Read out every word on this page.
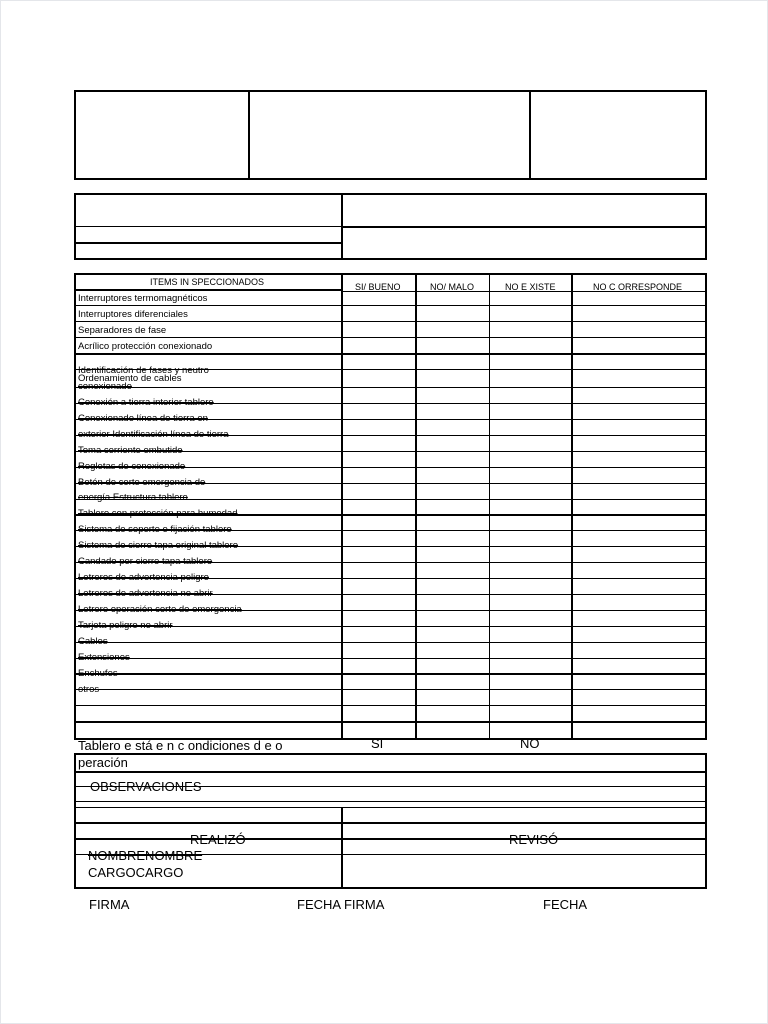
ITEMS IN SPECCIONADOS	SI/ BUENO	NO/ MALO	NO E XISTE	NO C ORRESPONDE
Interruptores termomagnéticos
Interruptores diferenciales
Separadores de fase
Acrílico protección conexionado
Identificación de fases y neutro
Ordenamiento de cables
conexionado
Conexión a tierra interior tablero
Conexionado línea de tierra en
exterior Identificación línea de tierra
Toma corriente embutido
Regletas de conexionado
Botón de corte emergencia de
energía Estructura tablero
Tablero con protección para humedad
Sistema de soporte o fijación tablero
Sistema de cierre tapa original tablero
Candado por cierre tapa tablero
Letreros de advertencia peligro
Letreros de advertencia no abrir
Letrero operación corte de emergencia
Tarjeta peligro no abrir
Cables
Extensiones
Enchufes
otros
Tablero e stá e n c ondiciones d e o
peración
SI	NO
OBSERVACIONES
REALIZÓ	REVISÓ
NOMBRENOMBRE
CARGOCARGO
FIRMA	FECHA FIRMA	FECHA
